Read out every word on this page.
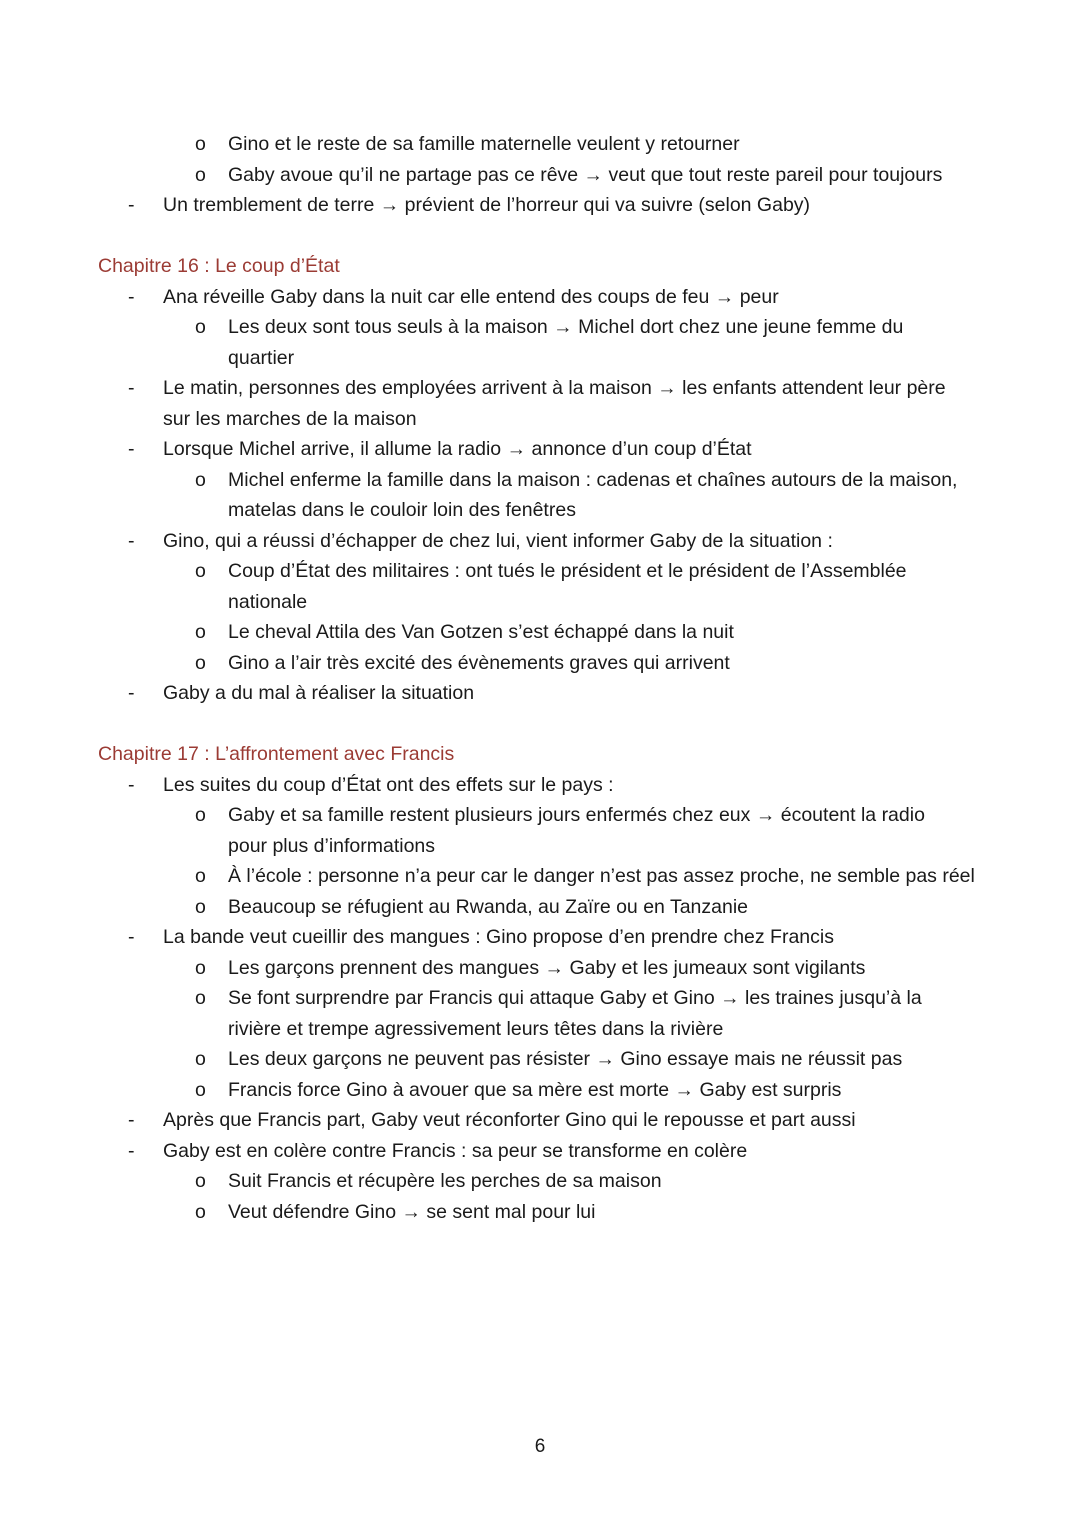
o Gino et le reste de sa famille maternelle veulent y retourner
o Gaby avoue qu’il ne partage pas ce rêve → veut que tout reste pareil pour toujours
- Un tremblement de terre → prévient de l’horreur qui va suivre (selon Gaby)
Chapitre 16 : Le coup d’État
- Ana réveille Gaby dans la nuit car elle entend des coups de feu → peur
o Les deux sont tous seuls à la maison → Michel dort chez une jeune femme du
quartier
- Le matin, personnes des employées arrivent à la maison → les enfants attendent leur père
sur les marches de la maison
- Lorsque Michel arrive, il allume la radio → annonce d’un coup d’État
o Michel enferme la famille dans la maison : cadenas et chaînes autours de la maison,
matelas dans le couloir loin des fenêtres
- Gino, qui a réussi d’échapper de chez lui, vient informer Gaby de la situation :
o Coup d’État des militaires : ont tués le président et le président de l’Assemblée
nationale
o Le cheval Attila des Van Gotzen s’est échappé dans la nuit
o Gino a l’air très excité des évènements graves qui arrivent
- Gaby a du mal à réaliser la situation
Chapitre 17 : L’affrontement avec Francis
- Les suites du coup d’État ont des effets sur le pays :
o Gaby et sa famille restent plusieurs jours enfermés chez eux → écoutent la radio
pour plus d’informations
o À l’école : personne n’a peur car le danger n’est pas assez proche, ne semble pas réel
o Beaucoup se réfugient au Rwanda, au Zaïre ou en Tanzanie
- La bande veut cueillir des mangues : Gino propose d’en prendre chez Francis
o Les garçons prennent des mangues → Gaby et les jumeaux sont vigilants
o Se font surprendre par Francis qui attaque Gaby et Gino → les traines jusqu’à la
rivière et trempe agressivement leurs têtes dans la rivière
o Les deux garçons ne peuvent pas résister → Gino essaye mais ne réussit pas
o Francis force Gino à avouer que sa mère est morte → Gaby est surpris
- Après que Francis part, Gaby veut réconforter Gino qui le repousse et part aussi
- Gaby est en colère contre Francis : sa peur se transforme en colère
o Suit Francis et récupère les perches de sa maison
o Veut défendre Gino → se sent mal pour lui
6
